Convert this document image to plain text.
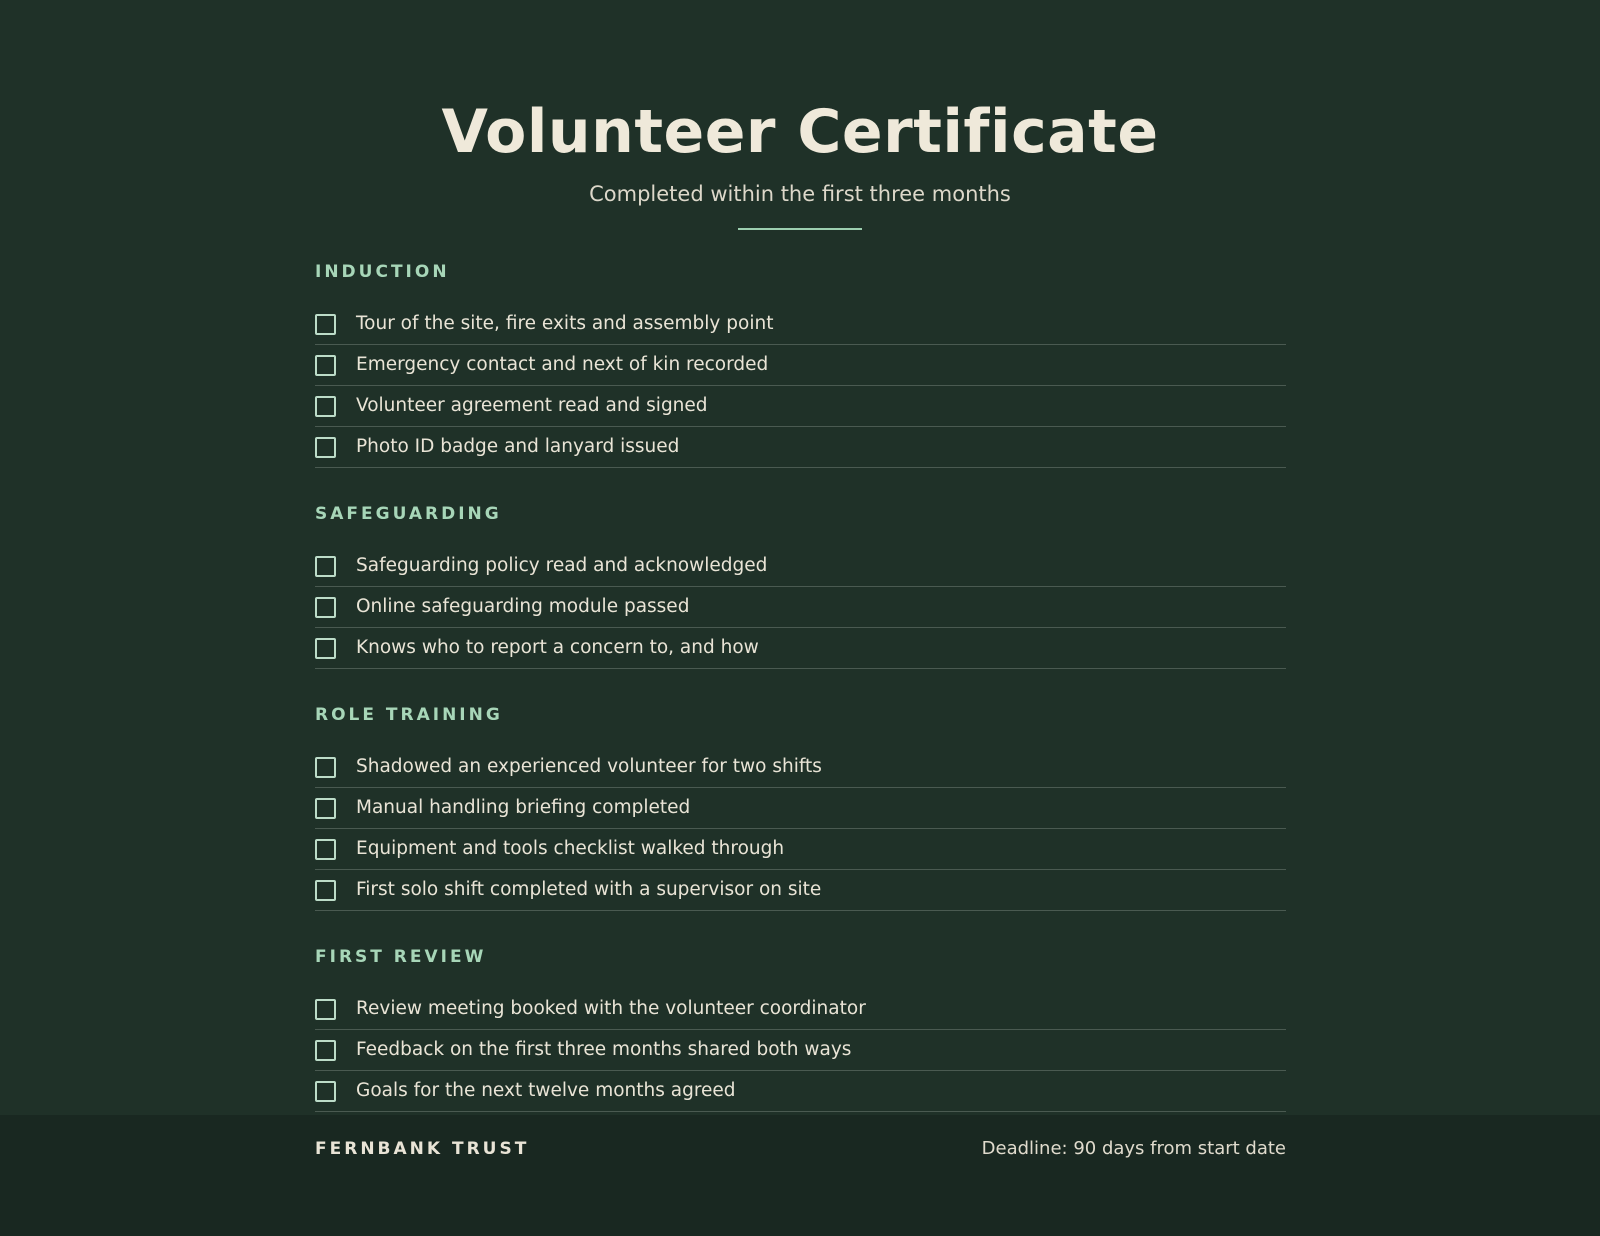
Volunteer Certificate
Completed within the first three months
INDUCTION
Tour of the site, fire exits and assembly point
Emergency contact and next of kin recorded
Volunteer agreement read and signed
Photo ID badge and lanyard issued
SAFEGUARDING
Safeguarding policy read and acknowledged
Online safeguarding module passed
Knows who to report a concern to, and how
ROLE TRAINING
Shadowed an experienced volunteer for two shifts
Manual handling briefing completed
Equipment and tools checklist walked through
First solo shift completed with a supervisor on site
FIRST REVIEW
Review meeting booked with the volunteer coordinator
Feedback on the first three months shared both ways
Goals for the next twelve months agreed
FERNBANK TRUST	Deadline: 90 days from start date
